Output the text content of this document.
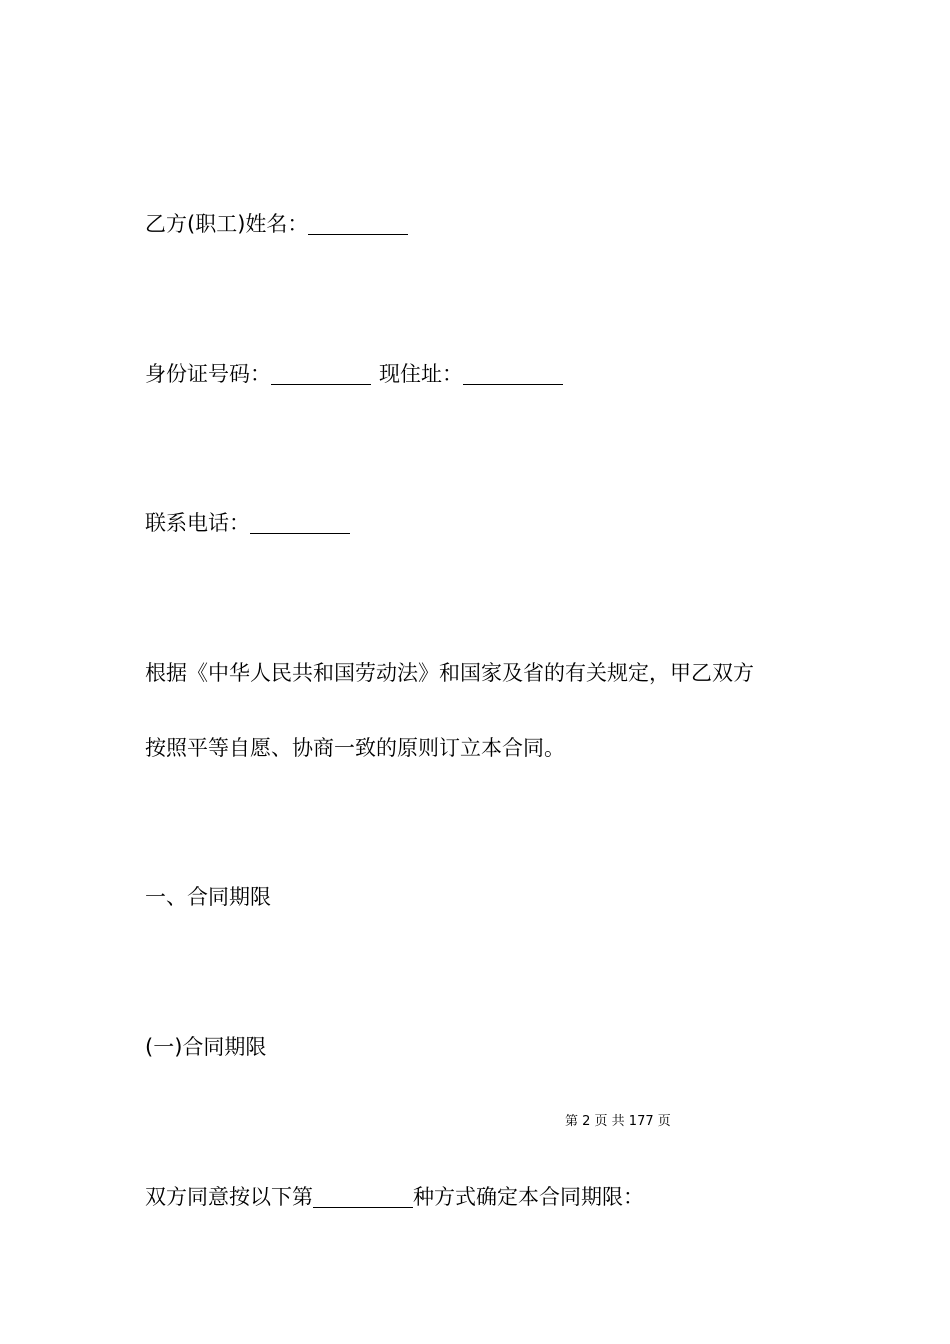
乙方(职工)姓名：
身份证号码：	现住址：
联系电话：
根据《中华人民共和国劳动法》和国家及省的有关规定，甲乙双方
按照平等自愿、协商一致的原则订立本合同。
一、合同期限
(一)合同期限
第 2 页 共 177 页
双方同意按以下第	种方式确定本合同期限：
